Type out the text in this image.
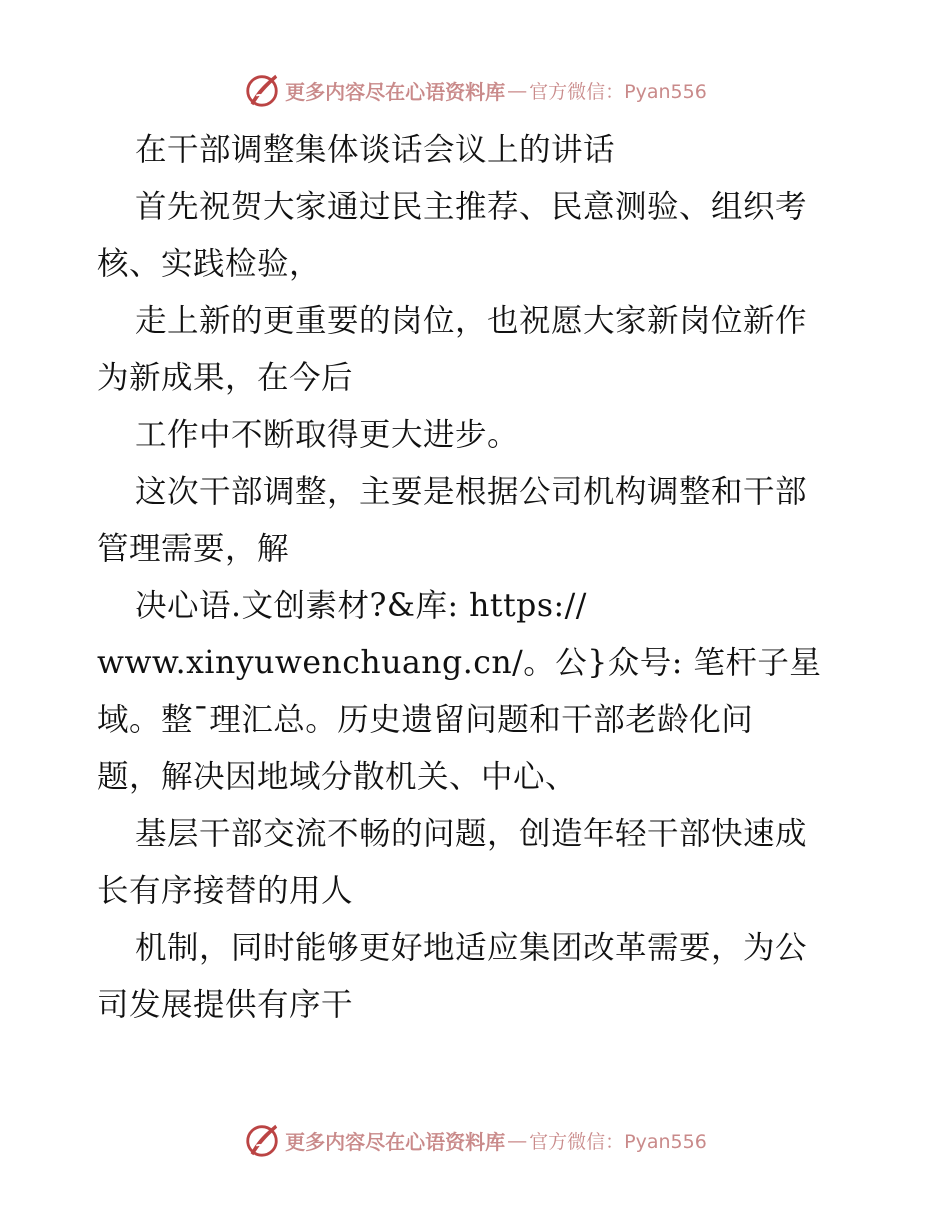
更多内容尽在心语资料库 — 官方微信：Pyan556
在干部调整集体谈话会议上的讲话
首先祝贺大家通过民主推荐、民意测验、组织考
核、实践检验，
走上新的更重要的岗位，也祝愿大家新岗位新作
为新成果，在今后
工作中不断取得更大进步。
这次干部调整，主要是根据公司机构调整和干部
管理需要，解
决心语.文创素材?&库: https://
www.xinyuwenchuang.cn/。公}众号: 笔杆子星
域。整¯理汇总。历史遗留问题和干部老龄化问
题，解决因地域分散机关、中心、
基层干部交流不畅的问题，创造年轻干部快速成
长有序接替的用人
机制，同时能够更好地适应集团改革需要，为公
司发展提供有序干
更多内容尽在心语资料库 — 官方微信：Pyan556
